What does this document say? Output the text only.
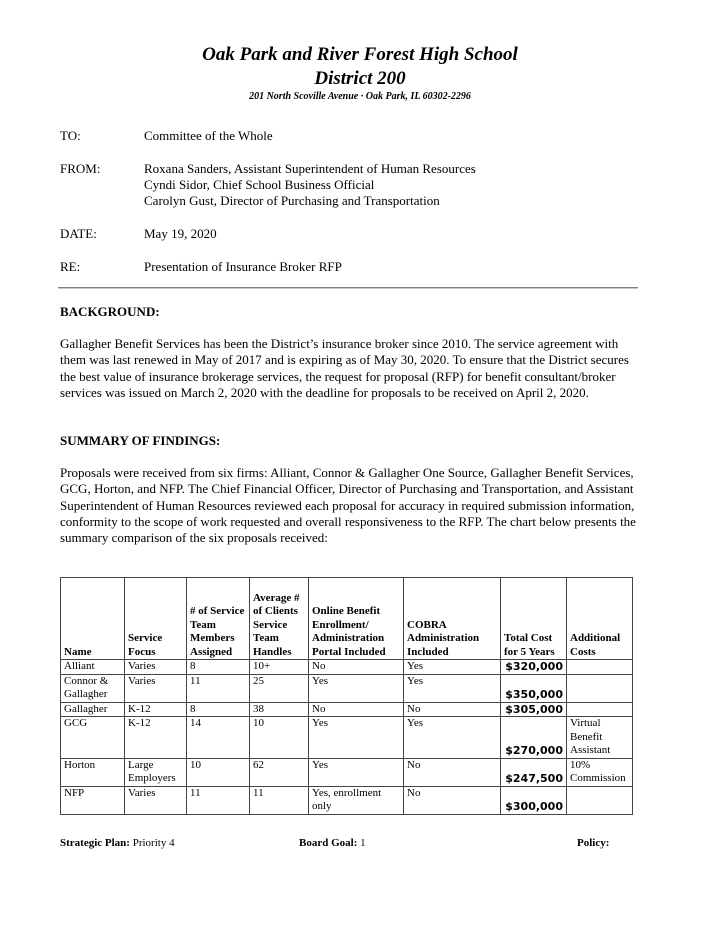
Oak Park and River Forest High School
District 200
201 North Scoville Avenue · Oak Park, IL 60302-2296
TO:	Committee of the Whole
FROM:	Roxana Sanders, Assistant Superintendent of Human Resources
Cyndi Sidor, Chief School Business Official
Carolyn Gust, Director of Purchasing and Transportation
DATE:	May 19, 2020
RE:	Presentation of Insurance Broker RFP
BACKGROUND:
Gallagher Benefit Services has been the District’s insurance broker since 2010. The service agreement with them was last renewed in May of 2017 and is expiring as of May 30, 2020. To ensure that the District secures the best value of insurance brokerage services, the request for proposal (RFP) for benefit consultant/broker services was issued on March 2, 2020 with the deadline for proposals to be received on April 2, 2020.
SUMMARY OF FINDINGS:
Proposals were received from six firms: Alliant, Connor & Gallagher One Source, Gallagher Benefit Services, GCG, Horton, and NFP. The Chief Financial Officer, Director of Purchasing and Transportation, and Assistant Superintendent of Human Resources reviewed each proposal for accuracy in required submission information, conformity to the scope of work requested and overall responsiveness to the RFP. The chart below presents the summary comparison of the six proposals received:
Name	Service Focus	# of Service Team Members Assigned	Average # of Clients Service Team Handles	Online Benefit Enrollment/ Administration Portal Included	COBRA Administration Included	Total Cost for 5 Years	Additional Costs
Alliant	Varies	8	10+	No	Yes	$320,000	
Connor & Gallagher	Varies	11	25	Yes	Yes	$350,000	
Gallagher	K-12	8	38	No	No	$305,000	
GCG	K-12	14	10	Yes	Yes	$270,000	Virtual Benefit Assistant
Horton	Large Employers	10	62	Yes	No	$247,500	10% Commission
NFP	Varies	11	11	Yes, enrollment only	No	$300,000	
Strategic Plan: Priority 4	Board Goal: 1	Policy:
